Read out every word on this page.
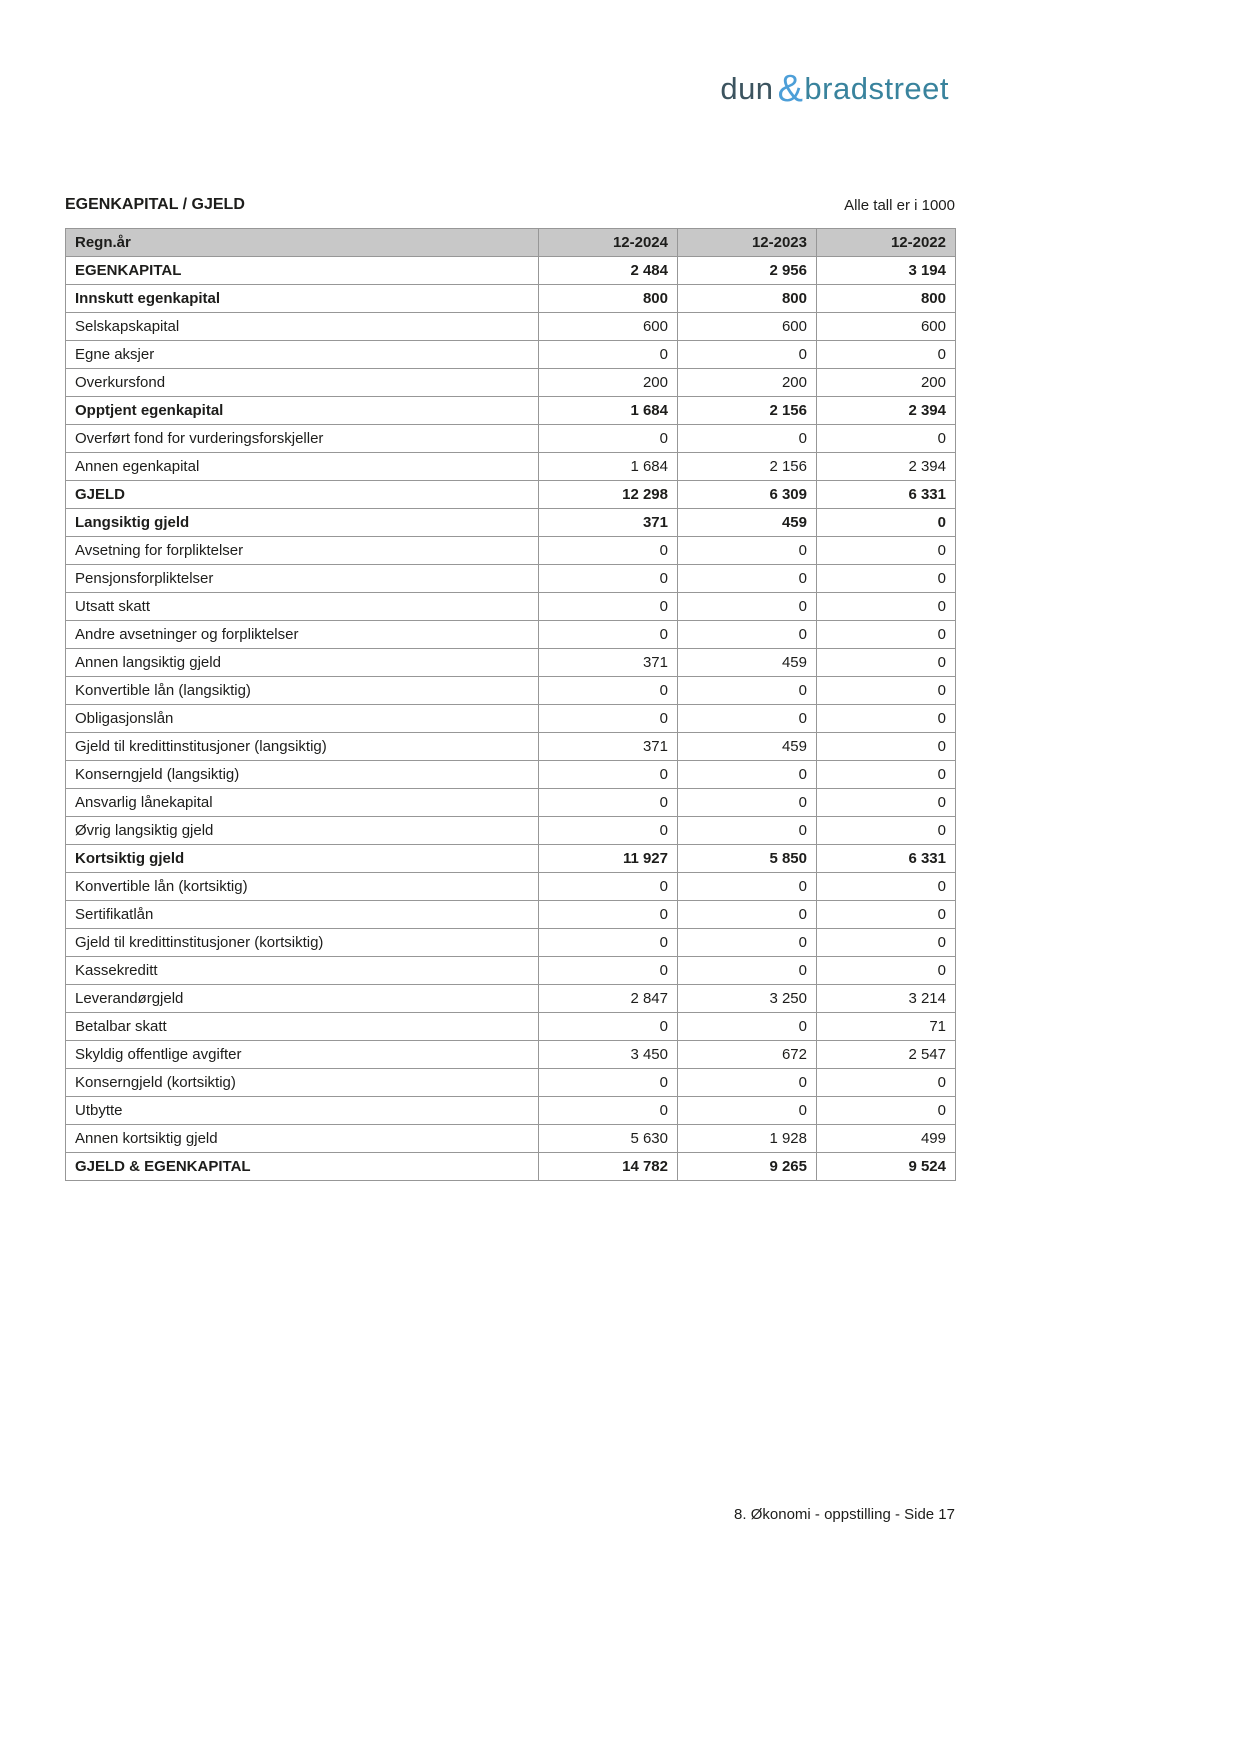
dun & bradstreet
EGENKAPITAL / GJELD	Alle tall er i 1000
Regn.år	12-2024	12-2023	12-2022
EGENKAPITAL	2 484	2 956	3 194
Innskutt egenkapital	800	800	800
Selskapskapital	600	600	600
Egne aksjer	0	0	0
Overkursfond	200	200	200
Opptjent egenkapital	1 684	2 156	2 394
Overført fond for vurderingsforskjeller	0	0	0
Annen egenkapital	1 684	2 156	2 394
GJELD	12 298	6 309	6 331
Langsiktig gjeld	371	459	0
Avsetning for forpliktelser	0	0	0
Pensjonsforpliktelser	0	0	0
Utsatt skatt	0	0	0
Andre avsetninger og forpliktelser	0	0	0
Annen langsiktig gjeld	371	459	0
Konvertible lån (langsiktig)	0	0	0
Obligasjonslån	0	0	0
Gjeld til kredittinstitusjoner (langsiktig)	371	459	0
Konserngjeld (langsiktig)	0	0	0
Ansvarlig lånekapital	0	0	0
Øvrig langsiktig gjeld	0	0	0
Kortsiktig gjeld	11 927	5 850	6 331
Konvertible lån (kortsiktig)	0	0	0
Sertifikatlån	0	0	0
Gjeld til kredittinstitusjoner (kortsiktig)	0	0	0
Kassekreditt	0	0	0
Leverandørgjeld	2 847	3 250	3 214
Betalbar skatt	0	0	71
Skyldig offentlige avgifter	3 450	672	2 547
Konserngjeld (kortsiktig)	0	0	0
Utbytte	0	0	0
Annen kortsiktig gjeld	5 630	1 928	499
GJELD & EGENKAPITAL	14 782	9 265	9 524
8. Økonomi - oppstilling - Side 17
